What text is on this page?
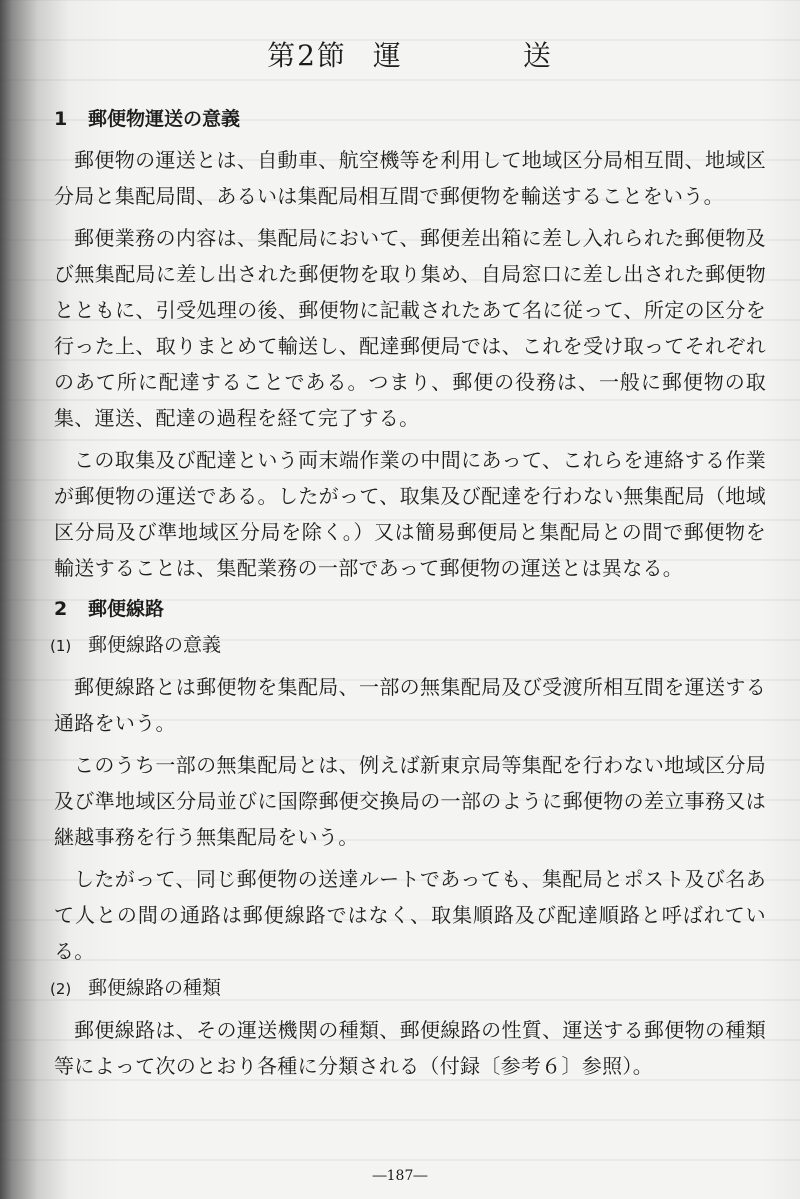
第2節 運	送
1 郵便物運送の意義

郵便物の運送とは、自動車、航空機等を利用して地域区分局相互間、地域区分局と集配局間、あるいは集配局相互間で郵便物を輸送することをいう。

郵便業務の内容は、集配局において、郵便差出箱に差し入れられた郵便物及び無集配局に差し出された郵便物を取り集め、自局窓口に差し出された郵便物とともに、引受処理の後、郵便物に記載されたあて名に従って、所定の区分を行った上、取りまとめて輸送し、配達郵便局では、これを受け取ってそれぞれのあて所に配達することである。つまり、郵便の役務は、一般に郵便物の取集、運送、配達の過程を経て完了する。

この取集及び配達という両末端作業の中間にあって、これらを連絡する作業が郵便物の運送である。したがって、取集及び配達を行わない無集配局（地域区分局及び準地域区分局を除く。）又は簡易郵便局と集配局との間で郵便物を輸送することは、集配業務の一部であって郵便物の運送とは異なる。

2 郵便線路
(1) 郵便線路の意義

郵便線路とは郵便物を集配局、一部の無集配局及び受渡所相互間を運送する通路をいう。

このうち一部の無集配局とは、例えば新東京局等集配を行わない地域区分局及び準地域区分局並びに国際郵便交換局の一部のように郵便物の差立事務又は継越事務を行う無集配局をいう。

したがって、同じ郵便物の送達ルートであっても、集配局とポスト及び名あて人との間の通路は郵便線路ではなく、取集順路及び配達順路と呼ばれている。

(2) 郵便線路の種類

郵便線路は、その運送機関の種類、郵便線路の性質、運送する郵便物の種類等によって次のとおり各種に分類される（付録〔参考６〕参照）。

―187―
